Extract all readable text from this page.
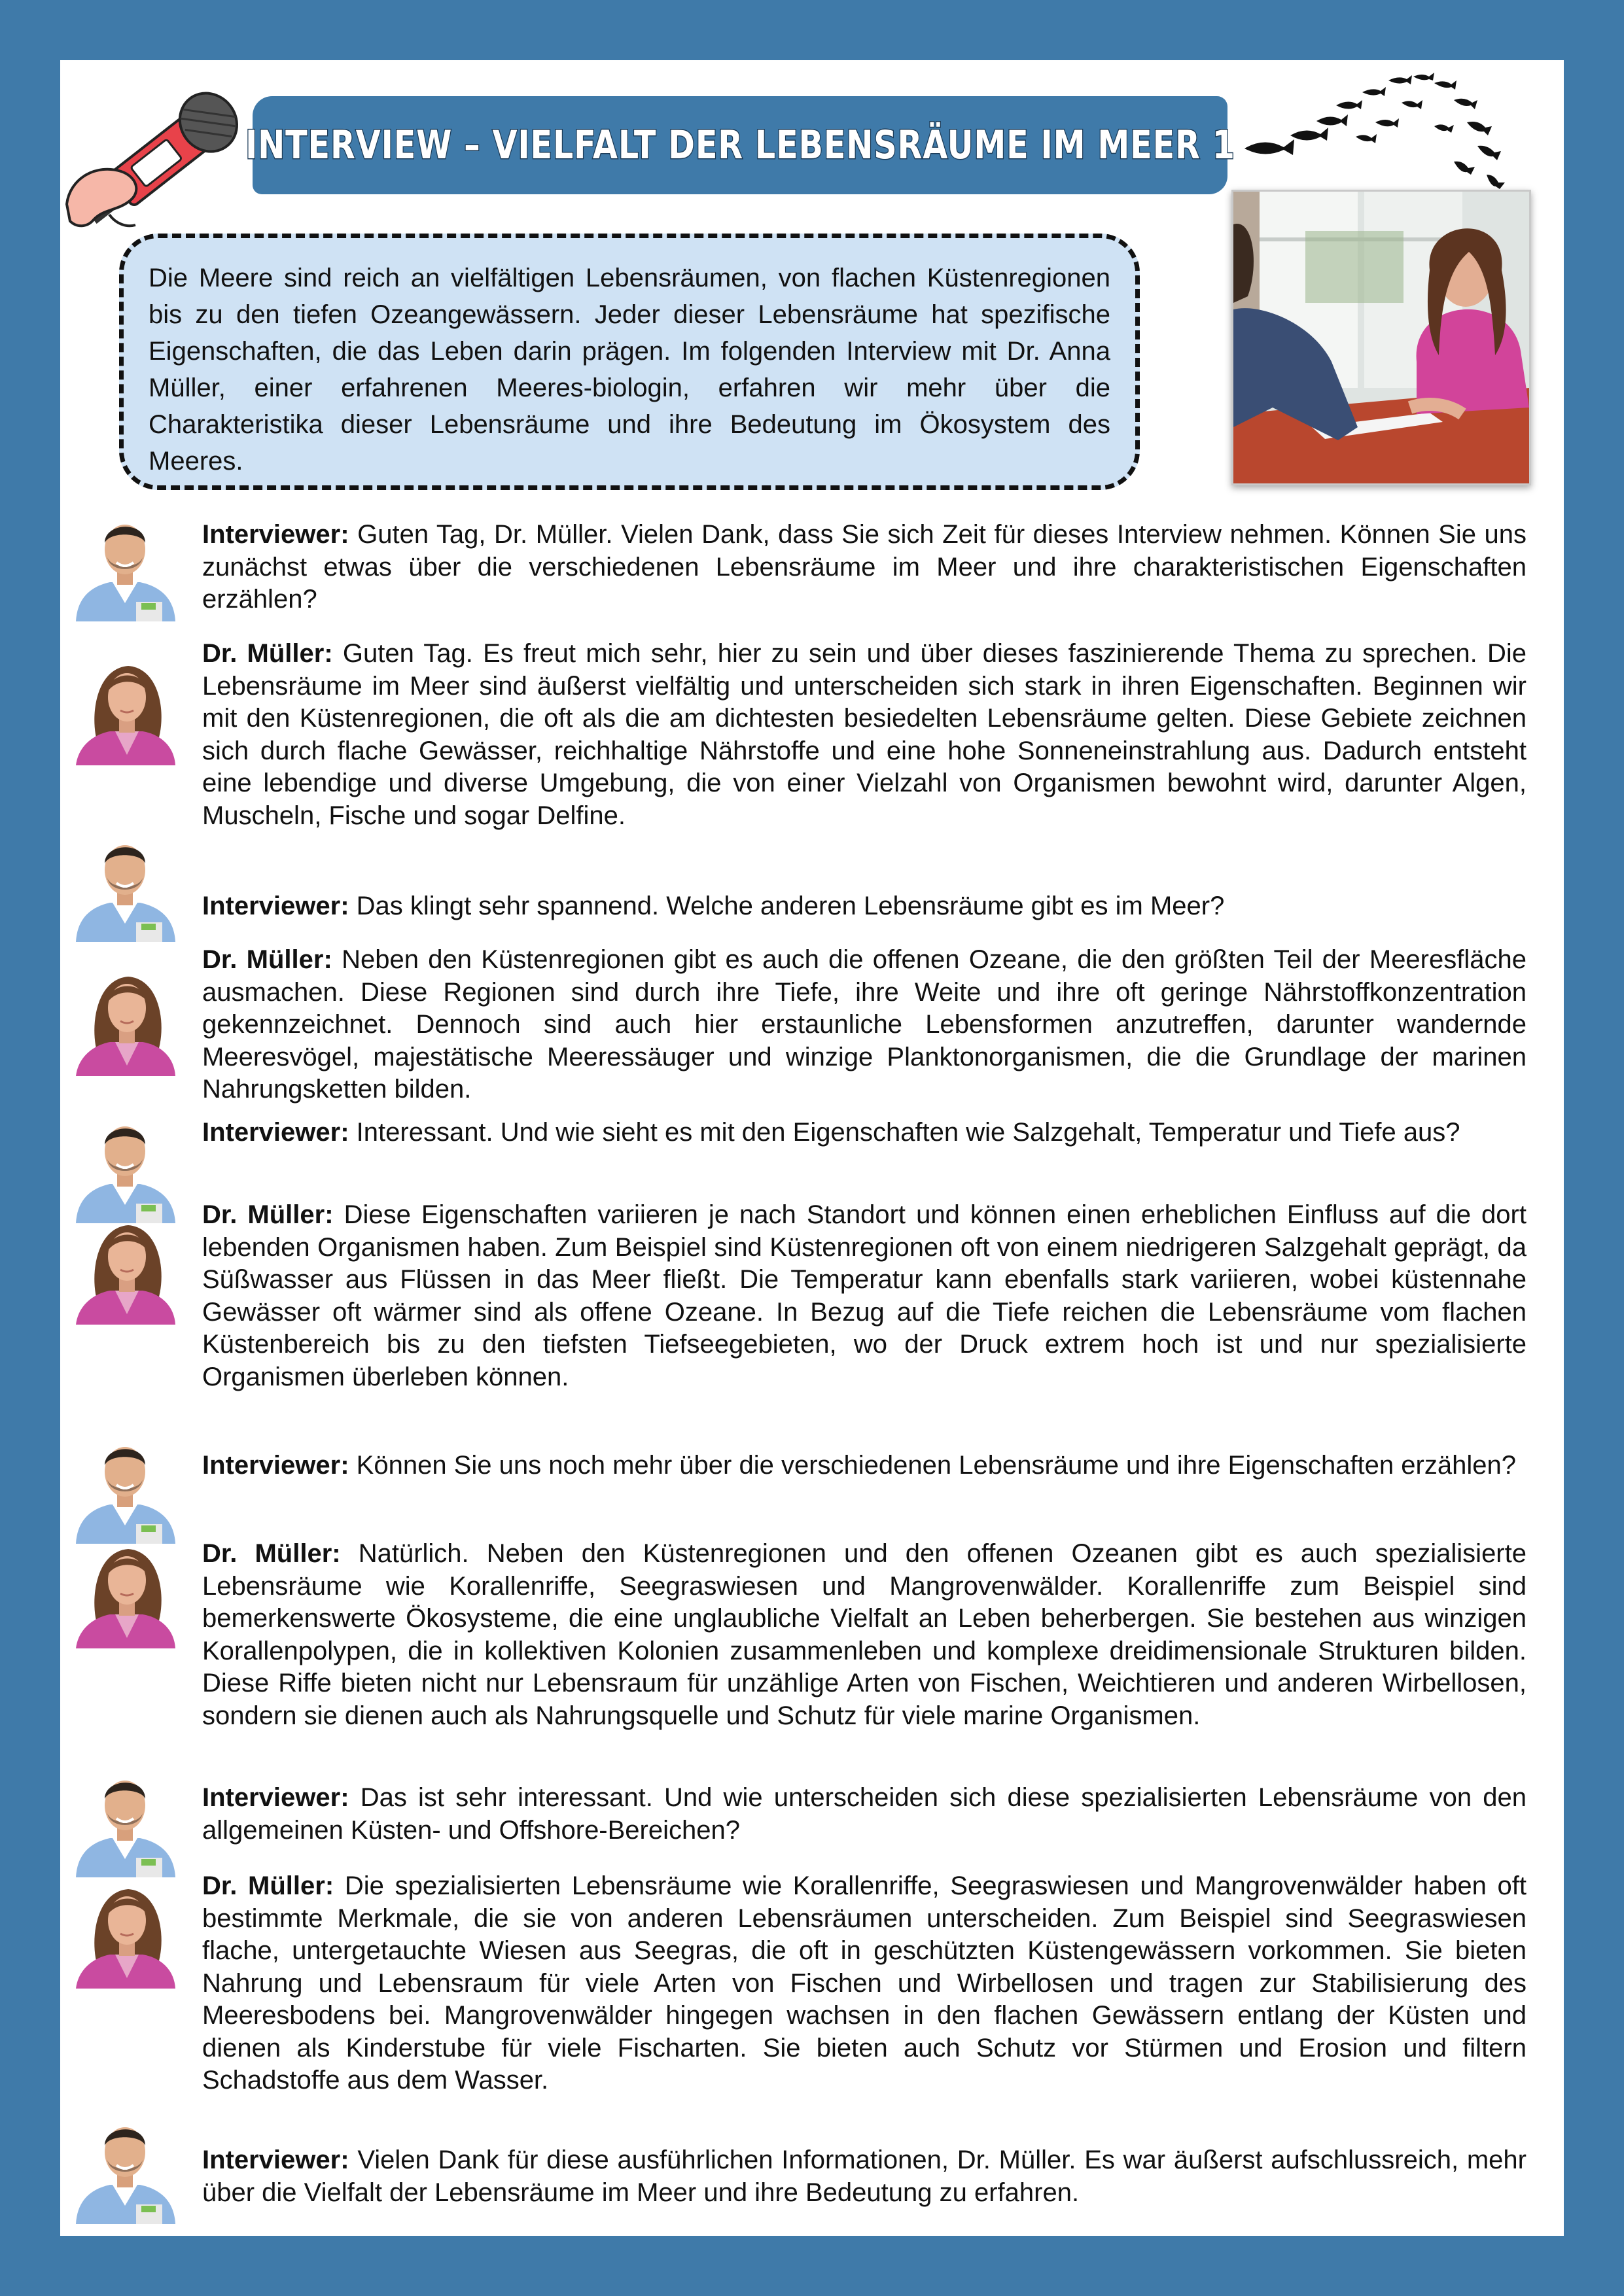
INTERVIEW – VIELFALT DER LEBENSRÄUME IM MEER 1

Die Meere sind reich an vielfältigen Lebensräumen, von flachen Küstenregionen bis zu den tiefen Ozeangewässern. Jeder dieser Lebensräume hat spezifische Eigenschaften, die das Leben darin prägen. Im folgenden Interview mit Dr. Anna Müller, einer erfahrenen Meeres-biologin, erfahren wir mehr über die Charakteristika dieser Lebensräume und ihre Bedeutung im Ökosystem des Meeres.

Interviewer: Guten Tag, Dr. Müller. Vielen Dank, dass Sie sich Zeit für dieses Interview nehmen. Können Sie uns zunächst etwas über die verschiedenen Lebensräume im Meer und ihre charakteristischen Eigenschaften erzählen?

Dr. Müller: Guten Tag. Es freut mich sehr, hier zu sein und über dieses faszinierende Thema zu sprechen. Die Lebensräume im Meer sind äußerst vielfältig und unterscheiden sich stark in ihren Eigenschaften. Beginnen wir mit den Küstenregionen, die oft als die am dichtesten besiedelten Lebensräume gelten. Diese Gebiete zeichnen sich durch flache Gewässer, reichhaltige Nährstoffe und eine hohe Sonneneinstrahlung aus. Dadurch entsteht eine lebendige und diverse Umgebung, die von einer Vielzahl von Organismen bewohnt wird, darunter Algen, Muscheln, Fische und sogar Delfine.

Interviewer: Das klingt sehr spannend. Welche anderen Lebensräume gibt es im Meer?

Dr. Müller: Neben den Küstenregionen gibt es auch die offenen Ozeane, die den größten Teil der Meeresfläche ausmachen. Diese Regionen sind durch ihre Tiefe, ihre Weite und ihre oft geringe Nährstoffkonzentration gekennzeichnet. Dennoch sind auch hier erstaunliche Lebensformen anzutreffen, darunter wandernde Meeresvögel, majestätische Meeressäuger und winzige Planktonorganismen, die die Grundlage der marinen Nahrungsketten bilden.

Interviewer: Interessant. Und wie sieht es mit den Eigenschaften wie Salzgehalt, Temperatur und Tiefe aus?

Dr. Müller: Diese Eigenschaften variieren je nach Standort und können einen erheblichen Einfluss auf die dort lebenden Organismen haben. Zum Beispiel sind Küstenregionen oft von einem niedrigeren Salzgehalt geprägt, da Süßwasser aus Flüssen in das Meer fließt. Die Temperatur kann ebenfalls stark variieren, wobei küstennahe Gewässer oft wärmer sind als offene Ozeane. In Bezug auf die Tiefe reichen die Lebensräume vom flachen Küstenbereich bis zu den tiefsten Tiefseegebieten, wo der Druck extrem hoch ist und nur spezialisierte Organismen überleben können.

Interviewer: Können Sie uns noch mehr über die verschiedenen Lebensräume und ihre Eigenschaften erzählen?

Dr. Müller: Natürlich. Neben den Küstenregionen und den offenen Ozeanen gibt es auch spezialisierte Lebensräume wie Korallenriffe, Seegraswiesen und Mangrovenwälder. Korallenriffe zum Beispiel sind bemerkenswerte Ökosysteme, die eine unglaubliche Vielfalt an Leben beherbergen. Sie bestehen aus winzigen Korallenpolypen, die in kollektiven Kolonien zusammenleben und komplexe dreidimensionale Strukturen bilden. Diese Riffe bieten nicht nur Lebensraum für unzählige Arten von Fischen, Weichtieren und anderen Wirbellosen, sondern sie dienen auch als Nahrungsquelle und Schutz für viele marine Organismen.

Interviewer: Das ist sehr interessant. Und wie unterscheiden sich diese spezialisierten Lebensräume von den allgemeinen Küsten- und Offshore-Bereichen?

Dr. Müller: Die spezialisierten Lebensräume wie Korallenriffe, Seegraswiesen und Mangrovenwälder haben oft bestimmte Merkmale, die sie von anderen Lebensräumen unterscheiden. Zum Beispiel sind Seegraswiesen flache, untergetauchte Wiesen aus Seegras, die oft in geschützten Küstengewässern vorkommen. Sie bieten Nahrung und Lebensraum für viele Arten von Fischen und Wirbellosen und tragen zur Stabilisierung des Meeresbodens bei. Mangrovenwälder hingegen wachsen in den flachen Gewässern entlang der Küsten und dienen als Kinderstube für viele Fischarten. Sie bieten auch Schutz vor Stürmen und Erosion und filtern Schadstoffe aus dem Wasser.

Interviewer: Vielen Dank für diese ausführlichen Informationen, Dr. Müller. Es war äußerst aufschlussreich, mehr über die Vielfalt der Lebensräume im Meer und ihre Bedeutung zu erfahren.
